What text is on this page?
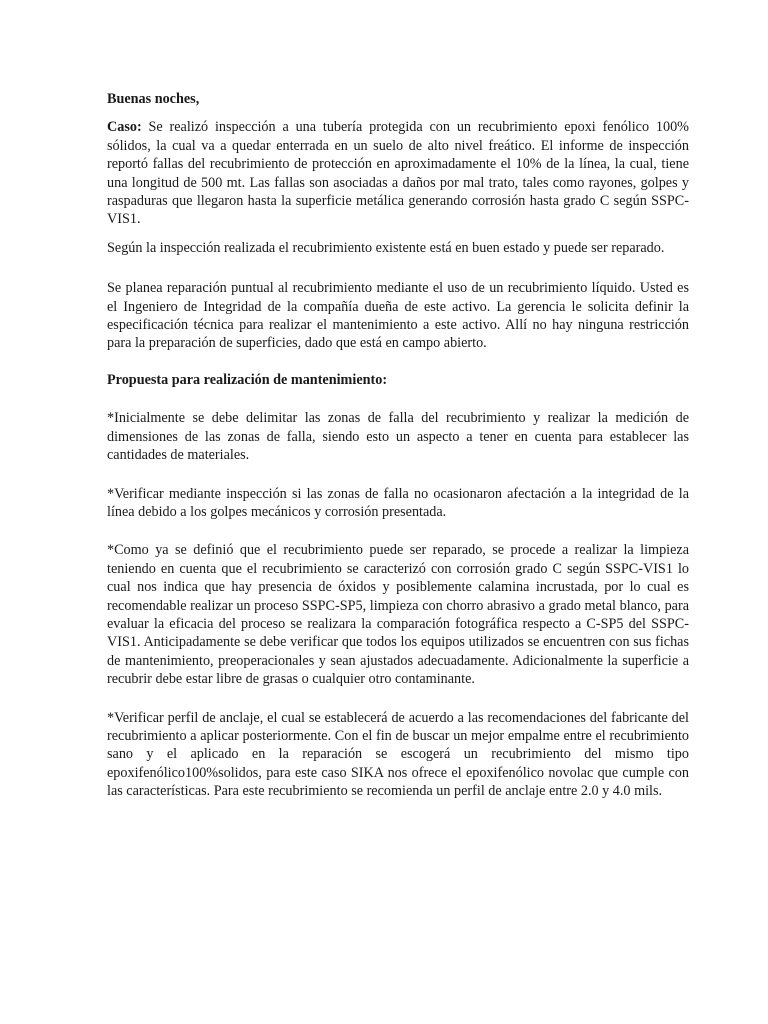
Buenas noches,

Caso: Se realizó inspección a una tubería protegida con un recubrimiento epoxi fenólico 100% sólidos, la cual va a quedar enterrada en un suelo de alto nivel freático. El informe de inspección reportó fallas del recubrimiento de protección en aproximadamente el 10% de la línea, la cual, tiene una longitud de 500 mt. Las fallas son asociadas a daños por mal trato, tales como rayones, golpes y raspaduras que llegaron hasta la superficie metálica generando corrosión hasta grado C según SSPC-VIS1.

Según la inspección realizada el recubrimiento existente está en buen estado y puede ser reparado.

Se planea reparación puntual al recubrimiento mediante el uso de un recubrimiento líquido. Usted es el Ingeniero de Integridad de la compañía dueña de este activo. La gerencia le solicita definir la especificación técnica para realizar el mantenimiento a este activo. Allí no hay ninguna restricción para la preparación de superficies, dado que está en campo abierto.

Propuesta para realización de mantenimiento:

*Inicialmente se debe delimitar las zonas de falla del recubrimiento y realizar la medición de dimensiones de las zonas de falla, siendo esto un aspecto a tener en cuenta para establecer las cantidades de materiales.

*Verificar mediante inspección si las zonas de falla no ocasionaron afectación a la integridad de la línea debido a los golpes mecánicos y corrosión presentada.

*Como ya se definió que el recubrimiento puede ser reparado, se procede a realizar la limpieza teniendo en cuenta que el recubrimiento se caracterizó con corrosión grado C según SSPC-VIS1 lo cual nos indica que hay presencia de óxidos y posiblemente calamina incrustada, por lo cual es recomendable realizar un proceso SSPC-SP5, limpieza con chorro abrasivo a grado metal blanco, para evaluar la eficacia del proceso se realizara la comparación fotográfica respecto a C-SP5 del SSPC-VIS1. Anticipadamente se debe verificar que todos los equipos utilizados se encuentren con sus fichas de mantenimiento, preoperacionales y sean ajustados adecuadamente. Adicionalmente la superficie a recubrir debe estar libre de grasas o cualquier otro contaminante.

*Verificar perfil de anclaje, el cual se establecerá de acuerdo a las recomendaciones del fabricante del recubrimiento a aplicar posteriormente. Con el fin de buscar un mejor empalme entre el recubrimiento sano y el aplicado en la reparación se escogerá un recubrimiento del mismo tipo epoxifenólico100%solidos, para este caso SIKA nos ofrece el epoxifenólico novolac que cumple con las características. Para este recubrimiento se recomienda un perfil de anclaje entre 2.0 y 4.0 mils.
